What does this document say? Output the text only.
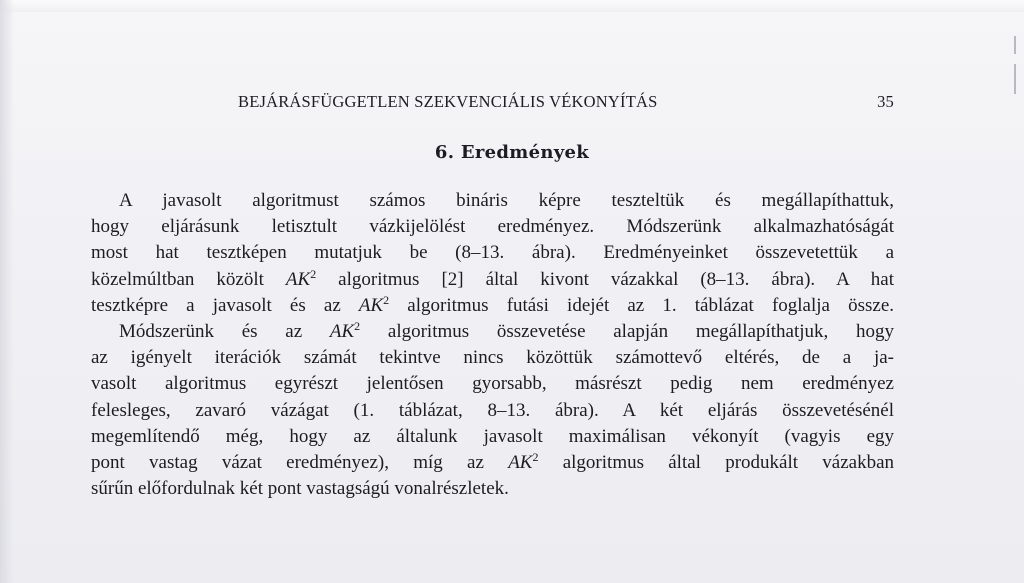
BEJÁRÁSFÜGGETLEN SZEKVENCIÁLIS VÉKONYÍTÁS	35
6. Eredmények
A javasolt algoritmust számos bináris képre teszteltük és megállapíthattuk,
hogy eljárásunk letisztult vázkijelölést eredményez. Módszerünk alkalmazhatóságát
most hat tesztképen mutatjuk be (8–13. ábra). Eredményeinket összevetettük a
közelmúltban közölt $AK^2$ algoritmus [2] által kivont vázakkal (8–13. ábra). A hat
tesztképre a javasolt és az $AK^2$ algoritmus futási idejét az 1. táblázat foglalja össze.
Módszerünk és az $AK^2$ algoritmus összevetése alapján megállapíthatjuk, hogy
az igényelt iterációk számát tekintve nincs közöttük számottevő eltérés, de a ja-
vasolt algoritmus egyrészt jelentősen gyorsabb, másrészt pedig nem eredményez
felesleges, zavaró vázágat (1. táblázat, 8–13. ábra). A két eljárás összevetésénél
megemlítendő még, hogy az általunk javasolt maximálisan vékonyít (vagyis egy
pont vastag vázat eredményez), míg az $AK^2$ algoritmus által produkált vázakban
sűrűn előfordulnak két pont vastagságú vonalrészletek.
